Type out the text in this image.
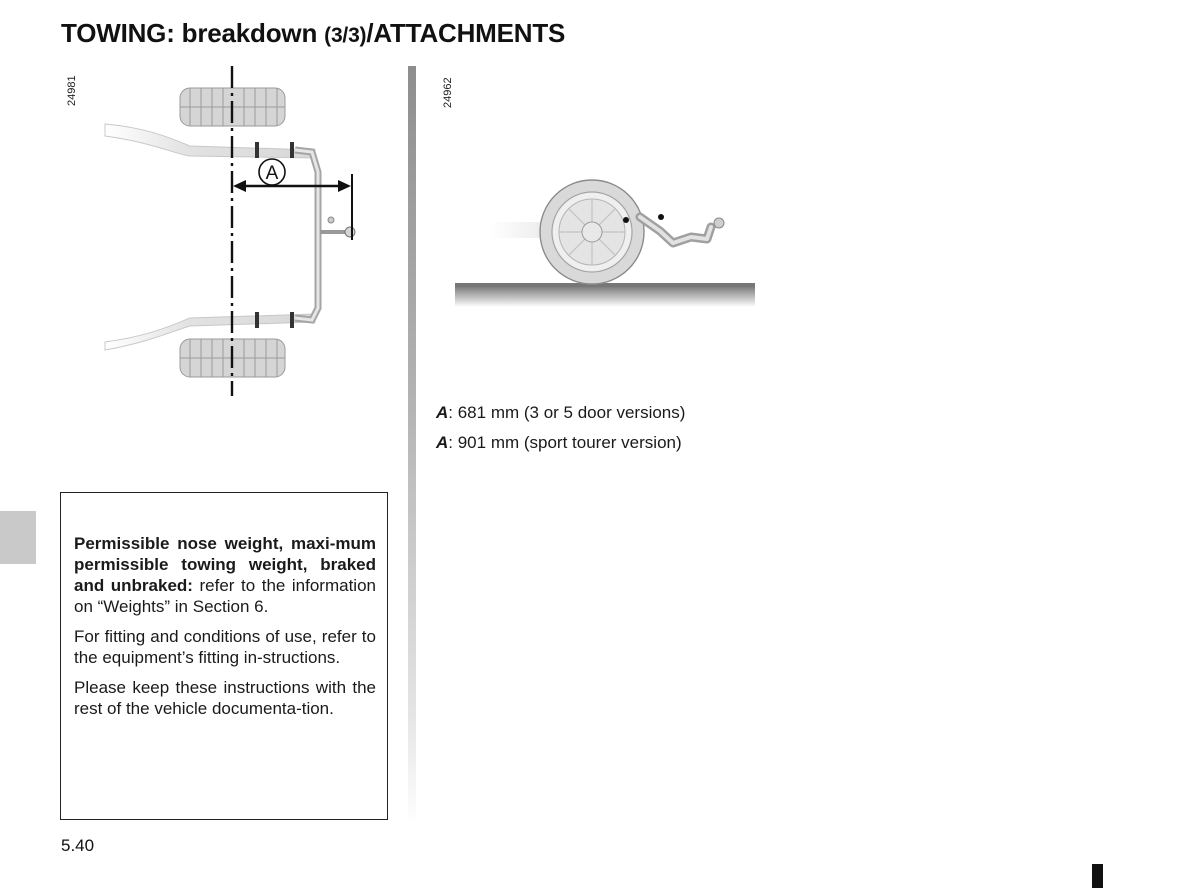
TOWING: breakdown (3/3)/ATTACHMENTS
24981	24962
A
A: 681 mm (3 or 5 door versions)
A: 901 mm (sport tourer version)

Permissible nose weight, maxi-mum permissible towing weight, braked and unbraked: refer to the information on “Weights” in Section 6.

For fitting and conditions of use, refer to the equipment’s fitting in-structions.

Please keep these instructions with the rest of the vehicle documenta-tion.

5.40
